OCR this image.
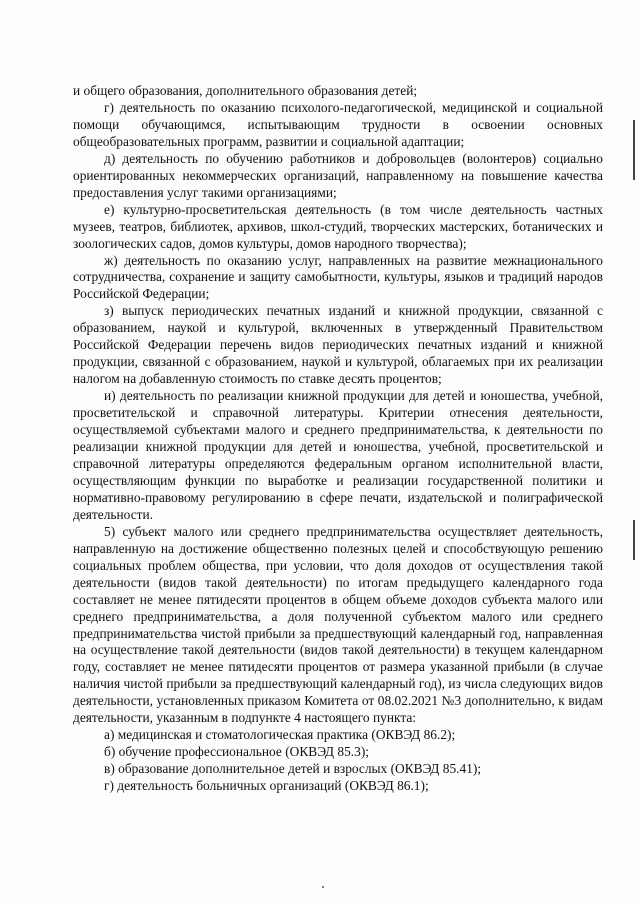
и общего образования, дополнительного образования детей;

г) деятельность по оказанию психолого-педагогической, медицинской и социальной помощи обучающимся, испытывающим трудности в освоении основных общеобразовательных программ, развитии и социальной адаптации;

д) деятельность по обучению работников и добровольцев (волонтеров) социально ориентированных некоммерческих организаций, направленному на повышение качества предоставления услуг такими организациями;

е) культурно-просветительская деятельность (в том числе деятельность частных музеев, театров, библиотек, архивов, школ-студий, творческих мастерских, ботанических и зоологических садов, домов культуры, домов народного творчества);

ж) деятельность по оказанию услуг, направленных на развитие межнационального сотрудничества, сохранение и защиту самобытности, культуры, языков и традиций народов Российской Федерации;

з) выпуск периодических печатных изданий и книжной продукции, связанной с образованием, наукой и культурой, включенных в утвержденный Правительством Российской Федерации перечень видов периодических печатных изданий и книжной продукции, связанной с образованием, наукой и культурой, облагаемых при их реализации налогом на добавленную стоимость по ставке десять процентов;

и) деятельность по реализации книжной продукции для детей и юношества, учебной, просветительской и справочной литературы. Критерии отнесения деятельности, осуществляемой субъектами малого и среднего предпринимательства, к деятельности по реализации книжной продукции для детей и юношества, учебной, просветительской и справочной литературы определяются федеральным органом исполнительной власти, осуществляющим функции по выработке и реализации государственной политики и нормативно-правовому регулированию в сфере печати, издательской и полиграфической деятельности.

5) субъект малого или среднего предпринимательства осуществляет деятельность, направленную на достижение общественно полезных целей и способствующую решению социальных проблем общества, при условии, что доля доходов от осуществления такой деятельности (видов такой деятельности) по итогам предыдущего календарного года составляет не менее пятидесяти процентов в общем объеме доходов субъекта малого или среднего предпринимательства, а доля полученной субъектом малого или среднего предпринимательства чистой прибыли за предшествующий календарный год, направленная на осуществление такой деятельности (видов такой деятельности) в текущем календарном году, составляет не менее пятидесяти процентов от размера указанной прибыли (в случае наличия чистой прибыли за предшествующий календарный год), из числа следующих видов деятельности, установленных приказом Комитета от 08.02.2021 №3 дополнительно, к видам деятельности, указанным в подпункте 4 настоящего пункта:

а) медицинская и стоматологическая практика (ОКВЭД 86.2);
б) обучение профессиональное (ОКВЭД 85.3);
в) образование дополнительное детей и взрослых (ОКВЭД 85.41);
г) деятельность больничных организаций (ОКВЭД 86.1);
